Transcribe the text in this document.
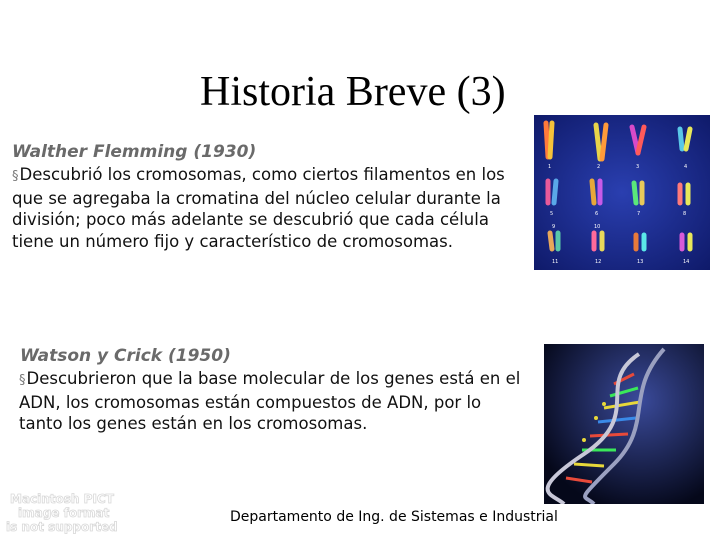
Historia Breve (3)
Walther Flemming (1930)
§Descubrió los cromosomas, como ciertos filamentos en los que se agregaba la cromatina del núcleo celular durante la división; poco más adelante se descubrió que cada célula tiene un número fijo y característico de cromosomas.
Watson y Crick (1950)
§Descubrieron que la base molecular de los genes está en el ADN, los cromosomas están compuestos de ADN, por lo tanto los genes están en los cromosomas.
1	2	3	4
5	6	7	8
9	10
11	12	13	14
Macintosh PICT
image format
is not supported
Departamento de Ing. de Sistemas e Industrial
